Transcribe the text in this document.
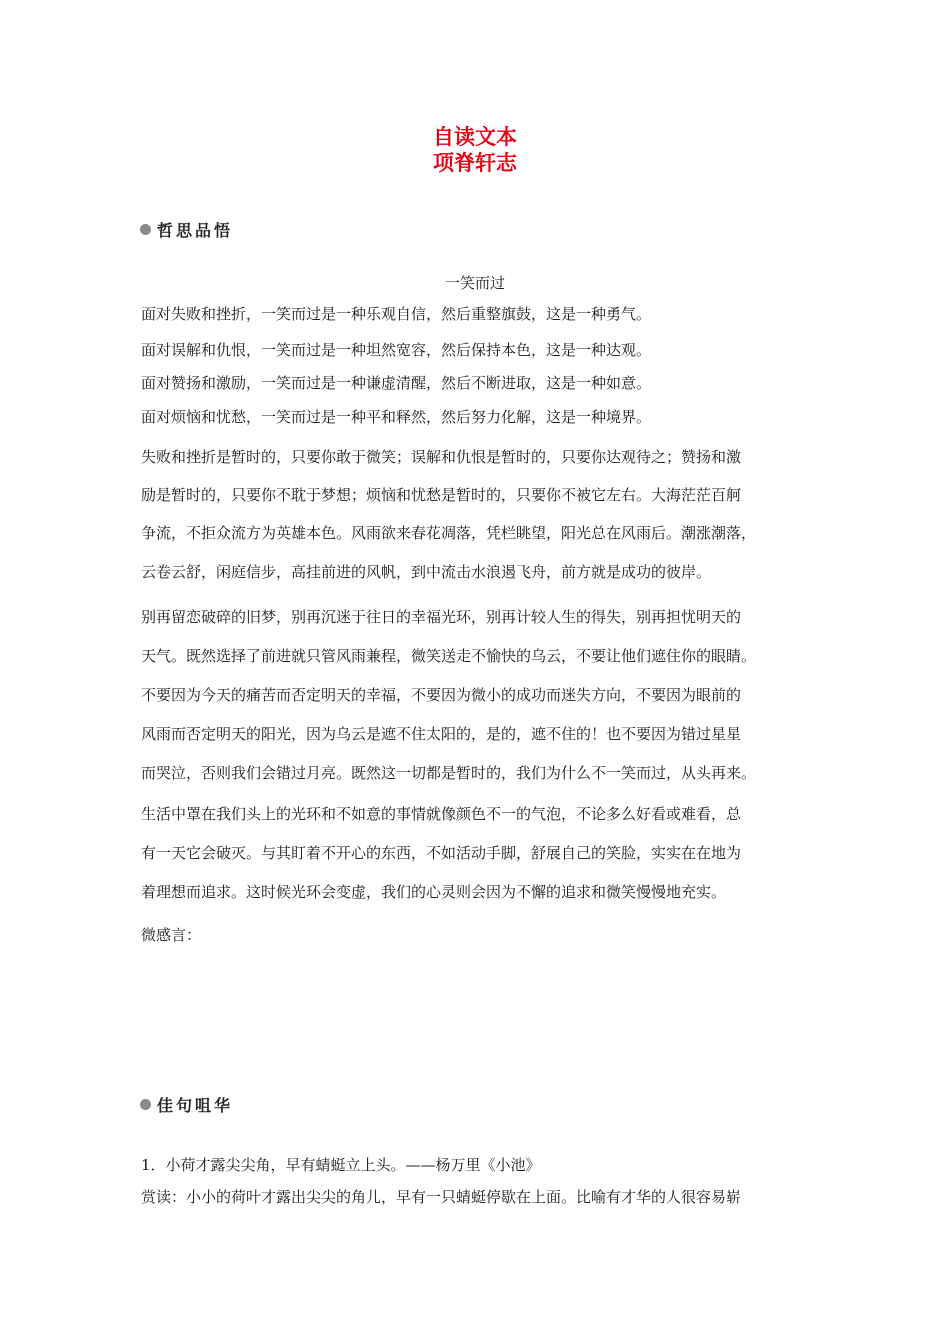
自读文本
项脊轩志
哲思品悟
一笑而过
面对失败和挫折，一笑而过是一种乐观自信，然后重整旗鼓，这是一种勇气。
面对误解和仇恨，一笑而过是一种坦然宽容，然后保持本色，这是一种达观。
面对赞扬和激励，一笑而过是一种谦虚清醒，然后不断进取，这是一种如意。
面对烦恼和忧愁，一笑而过是一种平和释然，然后努力化解，这是一种境界。
失败和挫折是暂时的，只要你敢于微笑；误解和仇恨是暂时的，只要你达观待之；赞扬和激
励是暂时的，只要你不耽于梦想；烦恼和忧愁是暂时的，只要你不被它左右。大海茫茫百舸
争流，不拒众流方为英雄本色。风雨欲来春花凋落，凭栏眺望，阳光总在风雨后。潮涨潮落，
云卷云舒，闲庭信步，高挂前进的风帆，到中流击水浪遏飞舟，前方就是成功的彼岸。
别再留恋破碎的旧梦，别再沉迷于往日的幸福光环，别再计较人生的得失，别再担忧明天的
天气。既然选择了前进就只管风雨兼程，微笑送走不愉快的乌云，不要让他们遮住你的眼睛。
不要因为今天的痛苦而否定明天的幸福，不要因为微小的成功而迷失方向，不要因为眼前的
风雨而否定明天的阳光，因为乌云是遮不住太阳的，是的，遮不住的！也不要因为错过星星
而哭泣，否则我们会错过月亮。既然这一切都是暂时的，我们为什么不一笑而过，从头再来。
生活中罩在我们头上的光环和不如意的事情就像颜色不一的气泡，不论多么好看或难看，总
有一天它会破灭。与其盯着不开心的东西，不如活动手脚，舒展自己的笑脸，实实在在地为
着理想而追求。这时候光环会变虚，我们的心灵则会因为不懈的追求和微笑慢慢地充实。
微感言：
佳句咀华
1．小荷才露尖尖角，早有蜻蜓立上头。——杨万里《小池》
赏读：小小的荷叶才露出尖尖的角儿，早有一只蜻蜓停歇在上面。比喻有才华的人很容易崭
